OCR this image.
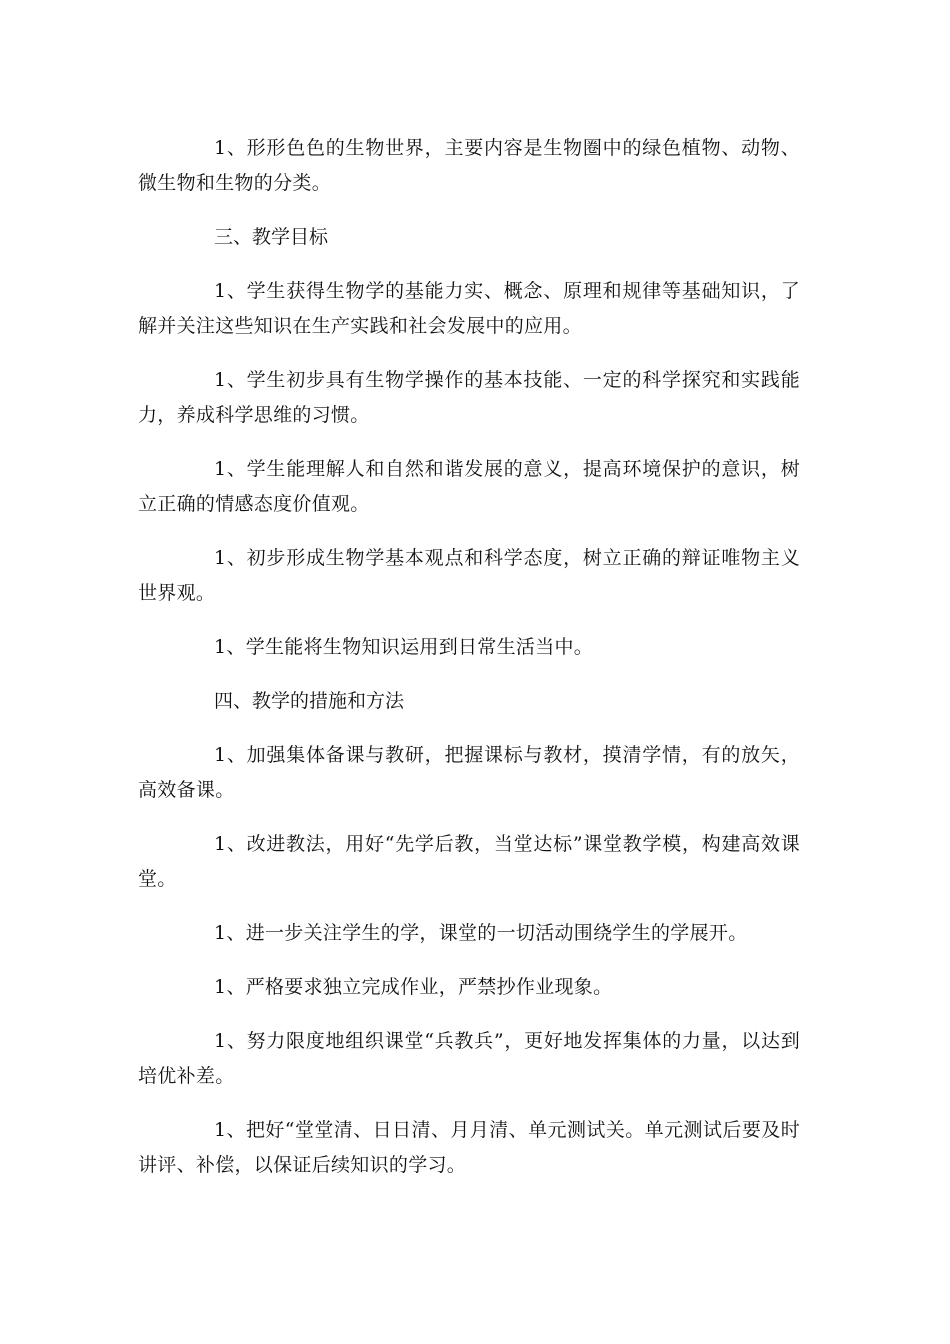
1、形形色色的生物世界，主要内容是生物圈中的绿色植物、动物、微生物和生物的分类。

三、教学目标

1、学生获得生物学的基能力实、概念、原理和规律等基础知识，了解并关注这些知识在生产实践和社会发展中的应用。

1、学生初步具有生物学操作的基本技能、一定的科学探究和实践能力，养成科学思维的习惯。

1、学生能理解人和自然和谐发展的意义，提高环境保护的意识，树立正确的情感态度价值观。

1、初步形成生物学基本观点和科学态度，树立正确的辩证唯物主义世界观。

1、学生能将生物知识运用到日常生活当中。

四、教学的措施和方法

1、加强集体备课与教研，把握课标与教材，摸清学情，有的放矢，高效备课。

1、改进教法，用好“先学后教，当堂达标”课堂教学模，构建高效课堂。

1、进一步关注学生的学，课堂的一切活动围绕学生的学展开。

1、严格要求独立完成作业，严禁抄作业现象。

1、努力限度地组织课堂“兵教兵”，更好地发挥集体的力量，以达到培优补差。

1、把好“堂堂清、日日清、月月清、单元测试关。单元测试后要及时讲评、补偿，以保证后续知识的学习。
